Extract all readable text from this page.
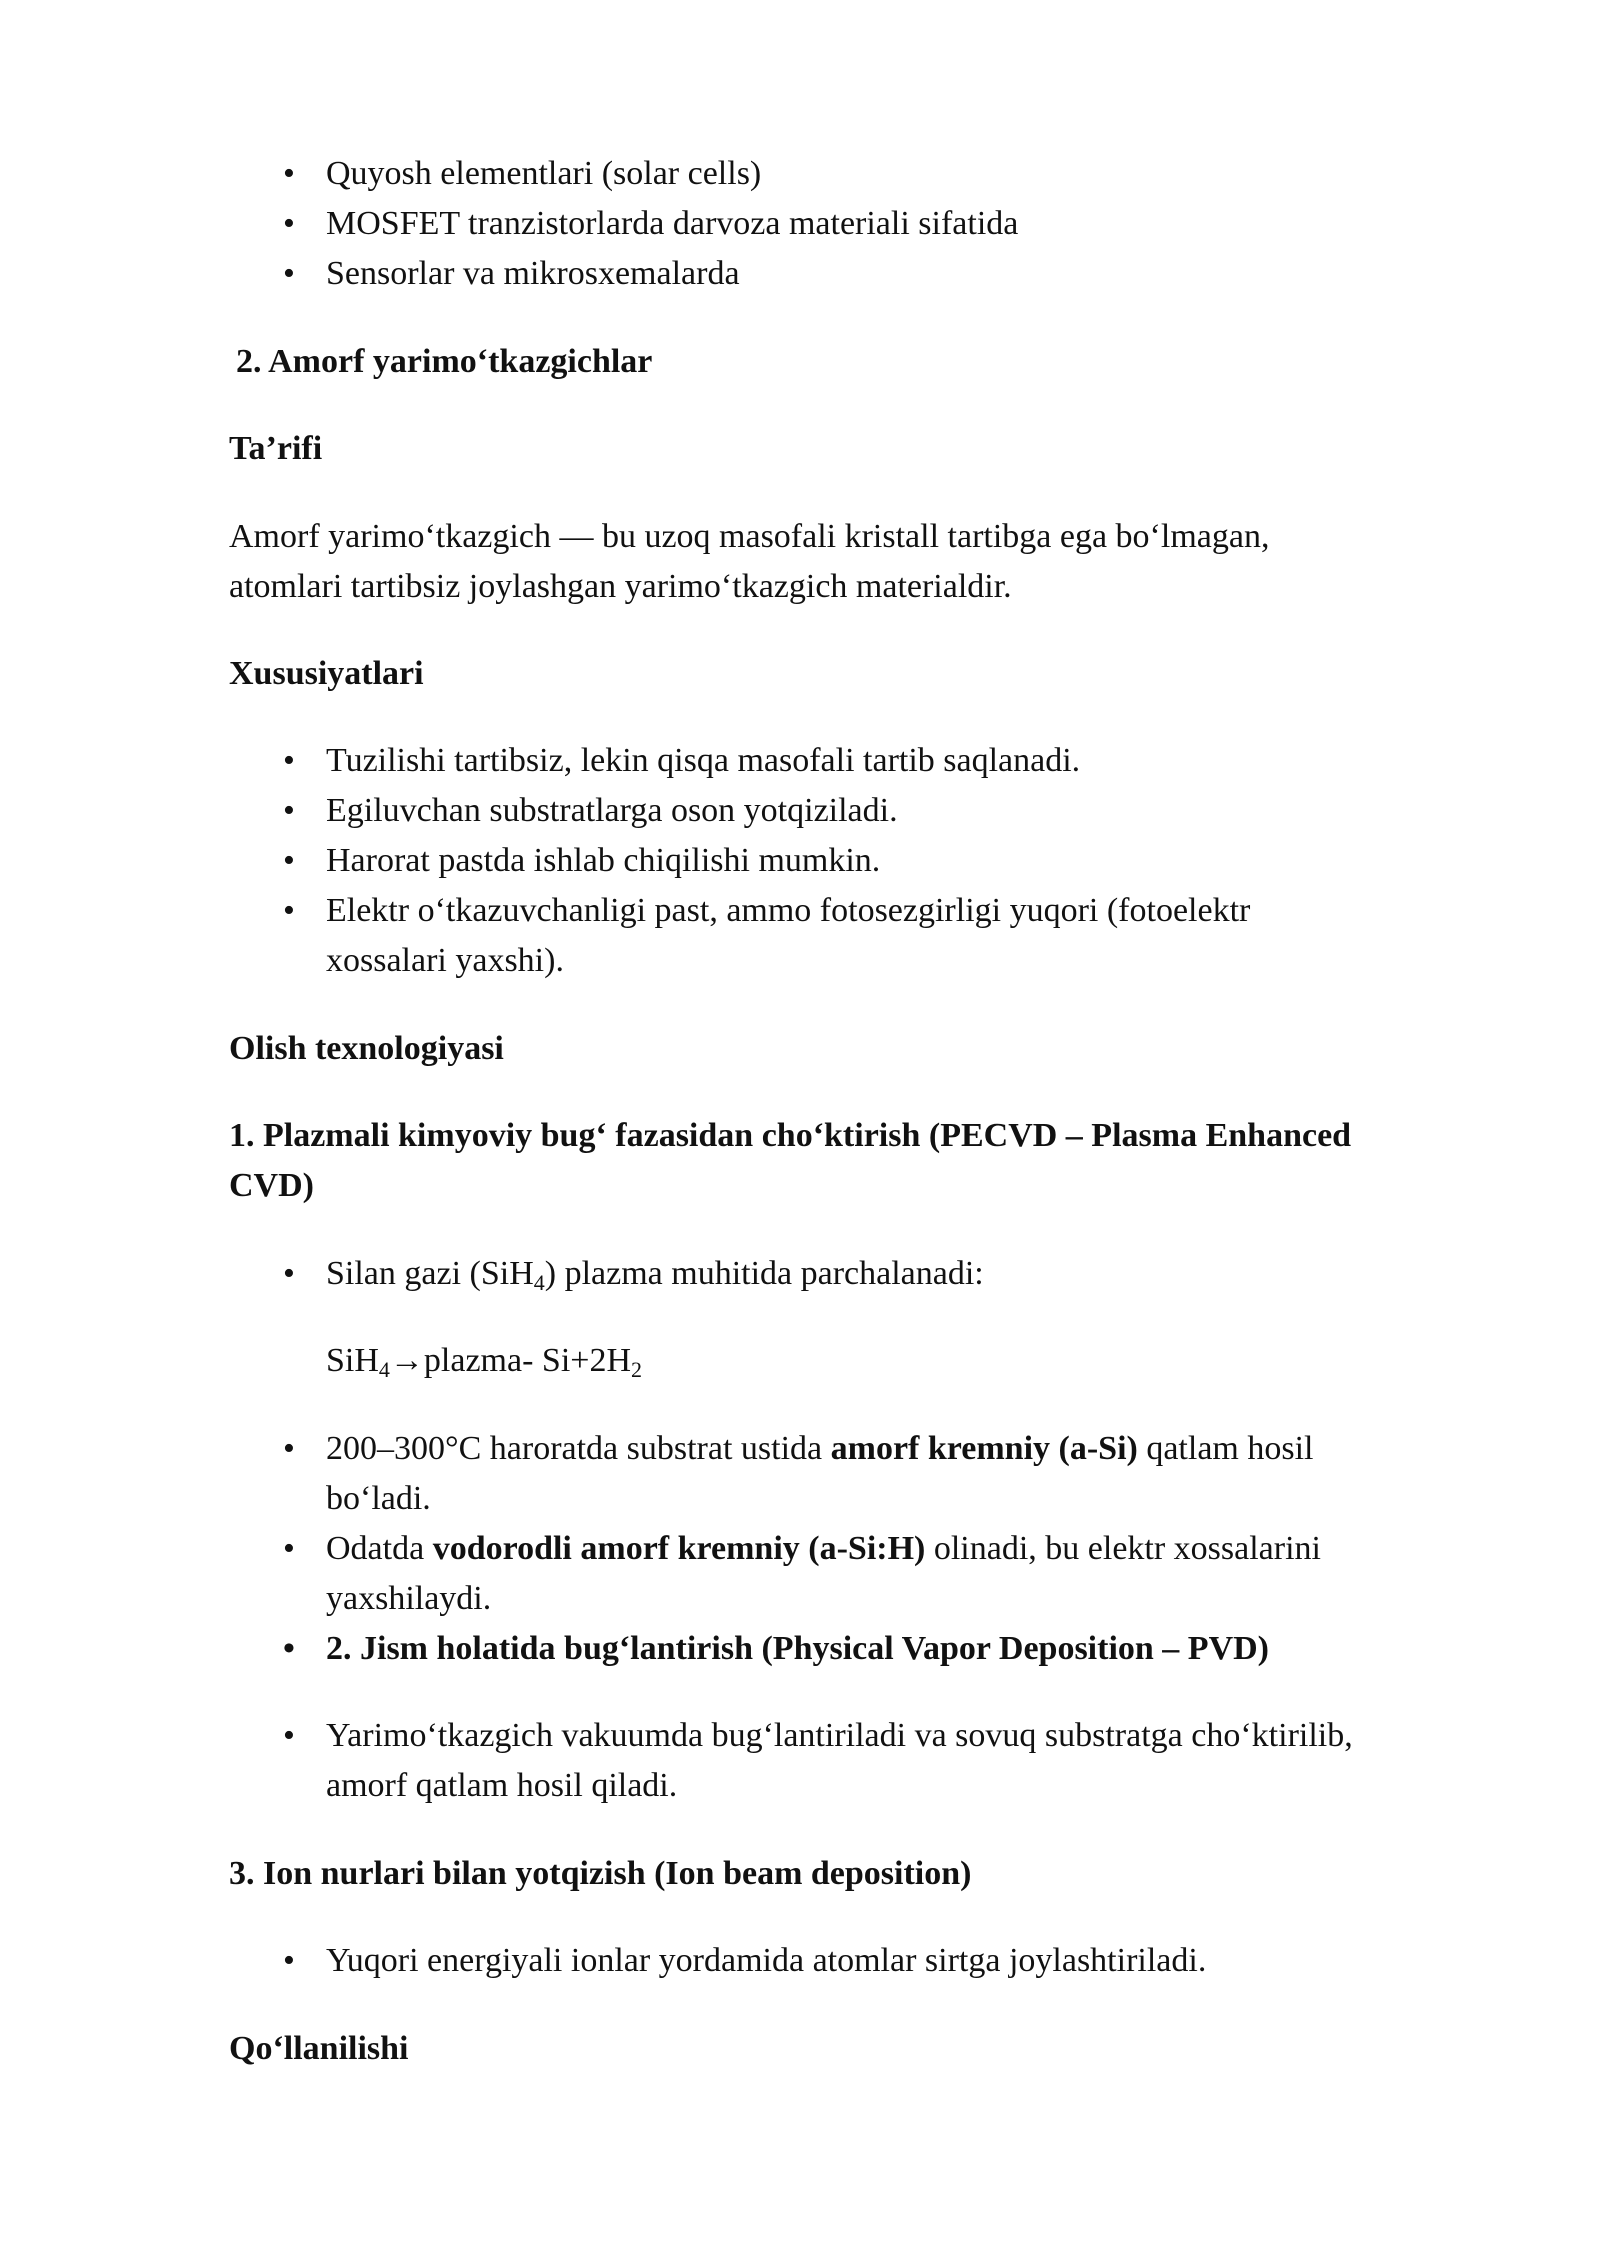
• Quyosh elementlari (solar cells)
• MOSFET tranzistorlarda darvoza materiali sifatida
• Sensorlar va mikrosxemalarda
2. Amorf yarimo‘tkazgichlar
Ta’rifi
Amorf yarimo‘tkazgich — bu uzoq masofali kristall tartibga ega bo‘lmagan,
atomlari tartibsiz joylashgan yarimo‘tkazgich materialdir.
Xususiyatlari
• Tuzilishi tartibsiz, lekin qisqa masofali tartib saqlanadi.
• Egiluvchan substratlarga oson yotqiziladi.
• Harorat pastda ishlab chiqilishi mumkin.
• Elektr o‘tkazuvchanligi past, ammo fotosezgirligi yuqori (fotoelektr
xossalari yaxshi).
Olish texnologiyasi
1. Plazmali kimyoviy bug‘ fazasidan cho‘ktirish (PECVD – Plasma Enhanced
CVD)
• Silan gazi (SiH$_4$) plazma muhitida parchalanadi:
SiH$_4$→plazma- $Si+2H_2$
• 200–300°C haroratda substrat ustida amorf kremniy (a-Si) qatlam hosil
bo‘ladi.
• Odatda vodorodli amorf kremniy (a-Si:H) olinadi, bu elektr xossalarini
yaxshilaydi.
• 2. Jism holatida bug‘lantirish (Physical Vapor Deposition – PVD)
• Yarimo‘tkazgich vakuumda bug‘lantiriladi va sovuq substratga cho‘ktirilib,
amorf qatlam hosil qiladi.
3. Ion nurlari bilan yotqizish (Ion beam deposition)
• Yuqori energiyali ionlar yordamida atomlar sirtga joylashtiriladi.
Qo‘llanilishi
